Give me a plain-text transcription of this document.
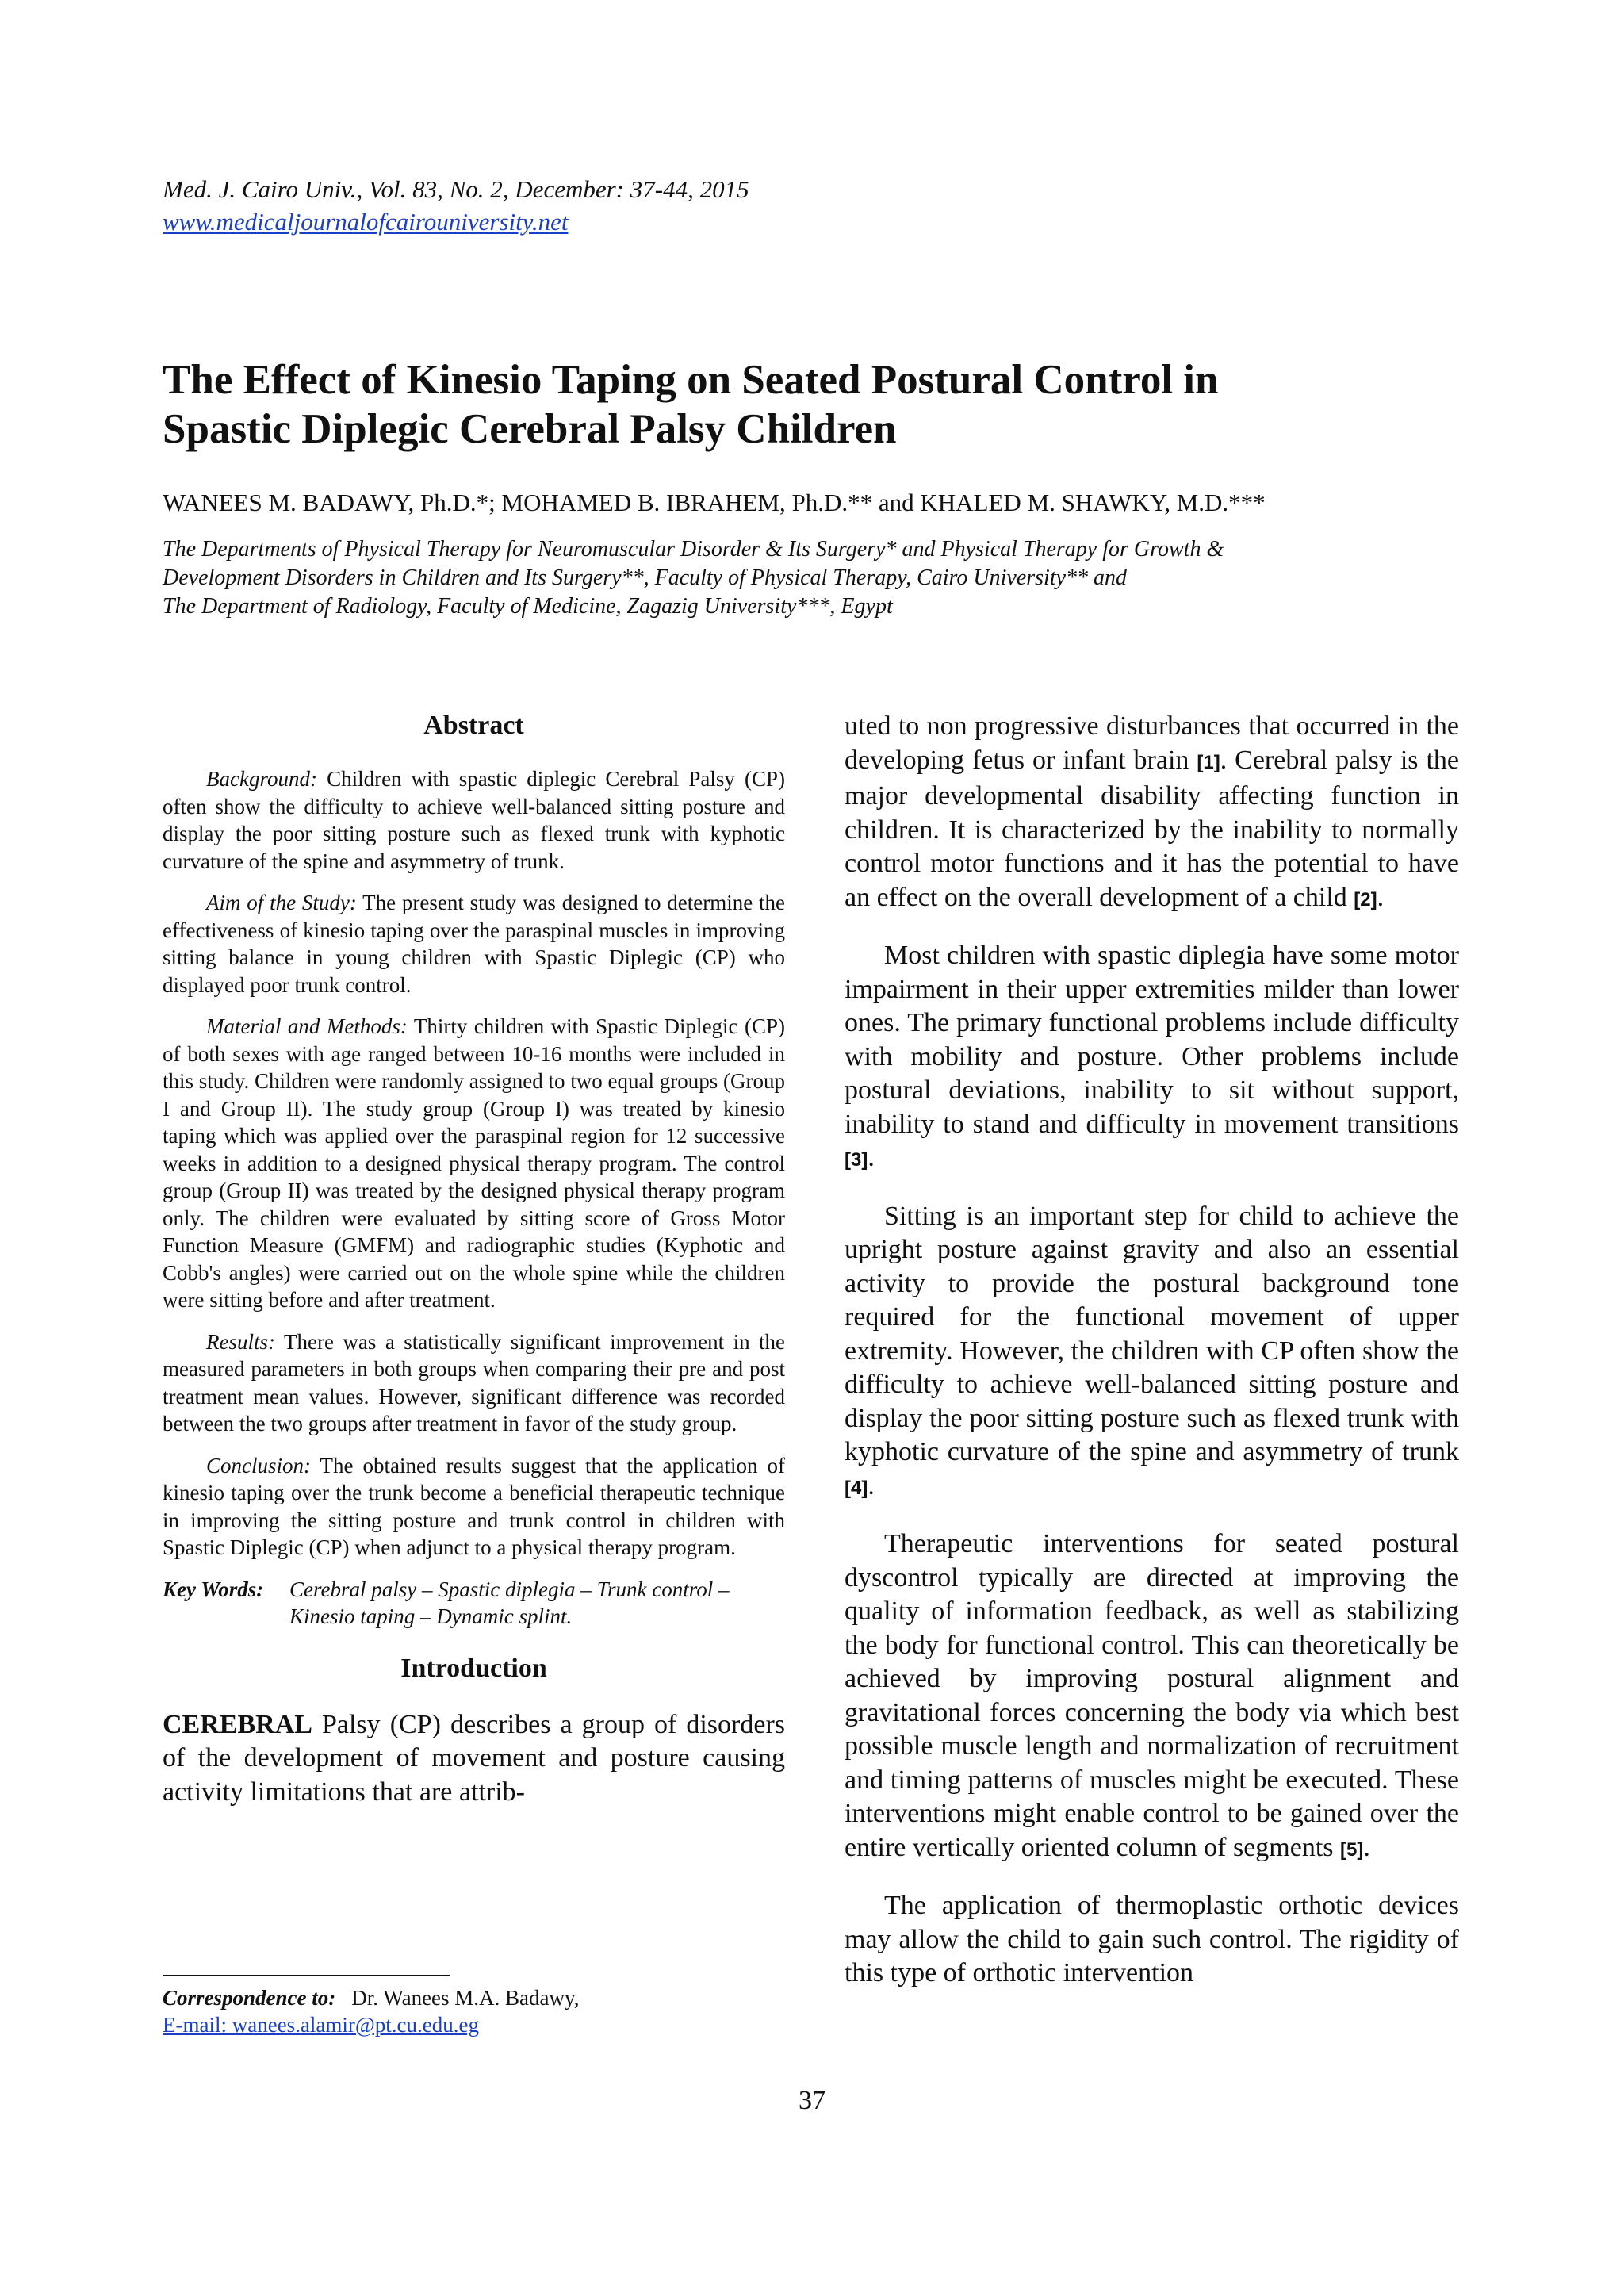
Med. J. Cairo Univ., Vol. 83, No. 2, December: 37-44, 2015
www.medicaljournalofcairouniversity.net
The Effect of Kinesio Taping on Seated Postural Control in
Spastic Diplegic Cerebral Palsy Children
WANEES M. BADAWY, Ph.D.*; MOHAMED B. IBRAHEM, Ph.D.** and KHALED M. SHAWKY, M.D.***
The Departments of Physical Therapy for Neuromuscular Disorder & Its Surgery* and Physical Therapy for Growth &
Development Disorders in Children and Its Surgery**, Faculty of Physical Therapy, Cairo University** and
The Department of Radiology, Faculty of Medicine, Zagazig University***, Egypt
Abstract

Background: Children with spastic diplegic Cerebral Palsy (CP) often show the difficulty to achieve well-balanced sitting posture and display the poor sitting posture such as flexed trunk with kyphotic curvature of the spine and asymmetry of trunk.

Aim of the Study: The present study was designed to determine the effectiveness of kinesio taping over the paraspinal muscles in improving sitting balance in young children with Spastic Diplegic (CP) who displayed poor trunk control.

Material and Methods: Thirty children with Spastic Diplegic (CP) of both sexes with age ranged between 10-16 months were included in this study. Children were randomly assigned to two equal groups (Group I and Group II). The study group (Group I) was treated by kinesio taping which was applied over the paraspinal region for 12 successive weeks in addition to a designed physical therapy program. The control group (Group II) was treated by the designed physical therapy program only. The children were evaluated by sitting score of Gross Motor Function Measure (GMFM) and radiographic studies (Kyphotic and Cobb's angles) were carried out on the whole spine while the children were sitting before and after treatment.

Results: There was a statistically significant improvement in the measured parameters in both groups when comparing their pre and post treatment mean values. However, significant difference was recorded between the two groups after treatment in favor of the study group.

Conclusion: The obtained results suggest that the application of kinesio taping over the trunk become a beneficial therapeutic technique in improving the sitting posture and trunk control in children with Spastic Diplegic (CP) when adjunct to a physical therapy program.

Key Words:	Cerebral palsy – Spastic diplegia – Trunk control – Kinesio taping – Dynamic splint.
Introduction

CEREBRAL Palsy (CP) describes a group of disorders of the development of movement and posture causing activity limitations that are attrib-

uted to non progressive disturbances that occurred in the developing fetus or infant brain [1]. Cerebral palsy is the major developmental disability affecting function in children. It is characterized by the inability to normally control motor functions and it has the potential to have an effect on the overall development of a child [2].

Most children with spastic diplegia have some motor impairment in their upper extremities milder than lower ones. The primary functional problems include difficulty with mobility and posture. Other problems include postural deviations, inability to sit without support, inability to stand and difficulty in movement transitions [3].

Sitting is an important step for child to achieve the upright posture against gravity and also an essential activity to provide the postural background tone required for the functional movement of upper extremity. However, the children with CP often show the difficulty to achieve well-balanced sitting posture and display the poor sitting posture such as flexed trunk with kyphotic curvature of the spine and asymmetry of trunk [4].

Therapeutic interventions for seated postural dyscontrol typically are directed at improving the quality of information feedback, as well as stabilizing the body for functional control. This can theoretically be achieved by improving postural alignment and gravitational forces concerning the body via which best possible muscle length and normalization of recruitment and timing patterns of muscles might be executed. These interventions might enable control to be gained over the entire vertically oriented column of segments [5].

The application of thermoplastic orthotic devices may allow the child to gain such control. The rigidity of this type of orthotic intervention

Correspondence to: Dr. Wanees M.A. Badawy,
E-mail: wanees.alamir@pt.cu.edu.eg
37
